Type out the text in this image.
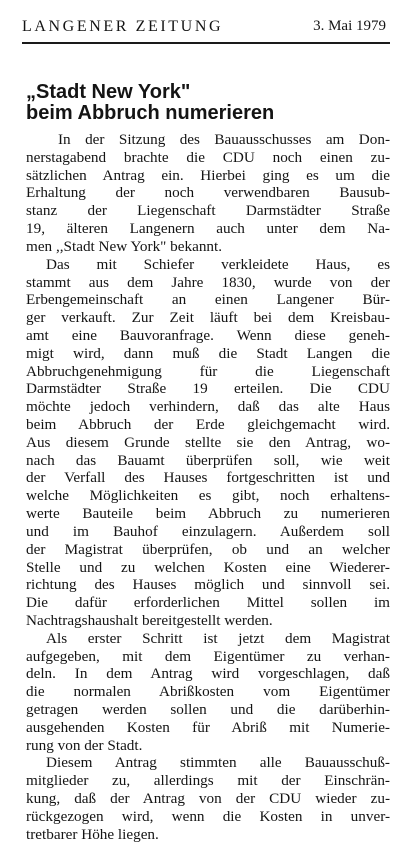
LANGENER ZEITUNG	3. Mai 1979
„Stadt New York"
beim Abbruch numerieren
In der Sitzung des Bauausschusses am Don-
nerstagabend brachte die CDU noch einen zu-
sätzlichen Antrag ein. Hierbei ging es um die
Erhaltung der noch verwendbaren Bausub-
stanz der Liegenschaft Darmstädter Straße
19, älteren Langenern auch unter dem Na-
men ,,Stadt New York" bekannt.
Das mit Schiefer verkleidete Haus, es
stammt aus dem Jahre 1830, wurde von der
Erbengemeinschaft an einen Langener Bür-
ger verkauft. Zur Zeit läuft bei dem Kreisbau-
amt eine Bauvoranfrage. Wenn diese geneh-
migt wird, dann muß die Stadt Langen die
Abbruchgenehmigung für die Liegenschaft
Darmstädter Straße 19 erteilen. Die CDU
möchte jedoch verhindern, daß das alte Haus
beim Abbruch der Erde gleichgemacht wird.
Aus diesem Grunde stellte sie den Antrag, wo-
nach das Bauamt überprüfen soll, wie weit
der Verfall des Hauses fortgeschritten ist und
welche Möglichkeiten es gibt, noch erhaltens-
werte Bauteile beim Abbruch zu numerieren
und im Bauhof einzulagern. Außerdem soll
der Magistrat überprüfen, ob und an welcher
Stelle und zu welchen Kosten eine Wiederer-
richtung des Hauses möglich und sinnvoll sei.
Die dafür erforderlichen Mittel sollen im
Nachtragshaushalt bereitgestellt werden.
Als erster Schritt ist jetzt dem Magistrat
aufgegeben, mit dem Eigentümer zu verhan-
deln. In dem Antrag wird vorgeschlagen, daß
die normalen Abrißkosten vom Eigentümer
getragen werden sollen und die darüberhin-
ausgehenden Kosten für Abriß mit Numerie-
rung von der Stadt.
Diesem Antrag stimmten alle Bauausschuß-
mitglieder zu, allerdings mit der Einschrän-
kung, daß der Antrag von der CDU wieder zu-
rückgezogen wird, wenn die Kosten in unver-
tretbarer Höhe liegen.
